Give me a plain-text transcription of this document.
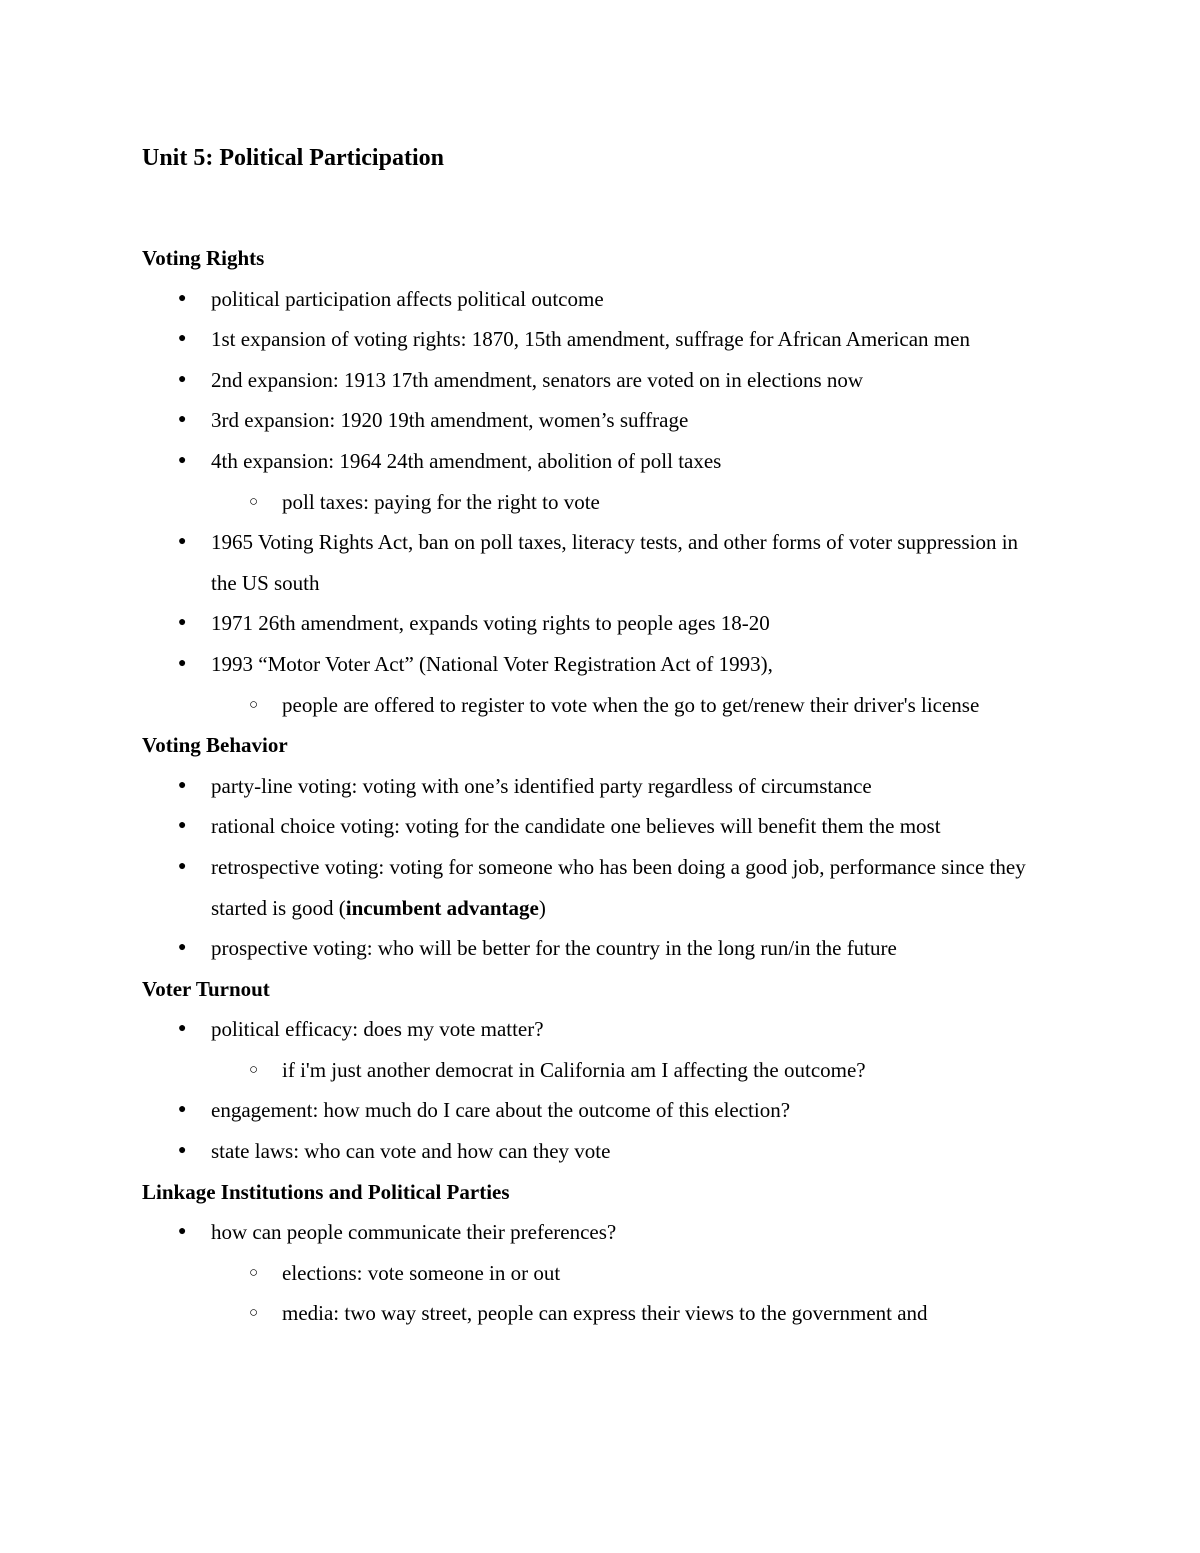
Unit 5: Political Participation
Voting Rights
● political participation affects political outcome
● 1st expansion of voting rights: 1870, 15th amendment, suffrage for African American men
● 2nd expansion: 1913 17th amendment, senators are voted on in elections now
● 3rd expansion: 1920 19th amendment, women’s suffrage
● 4th expansion: 1964 24th amendment, abolition of poll taxes
○ poll taxes: paying for the right to vote
● 1965 Voting Rights Act, ban on poll taxes, literacy tests, and other forms of voter suppression in the US south
● 1971 26th amendment, expands voting rights to people ages 18-20
● 1993 “Motor Voter Act” (National Voter Registration Act of 1993),
○ people are offered to register to vote when the go to get/renew their driver's license
Voting Behavior
● party-line voting: voting with one’s identified party regardless of circumstance
● rational choice voting: voting for the candidate one believes will benefit them the most
● retrospective voting: voting for someone who has been doing a good job, performance since they started is good (incumbent advantage)
● prospective voting: who will be better for the country in the long run/in the future
Voter Turnout
● political efficacy: does my vote matter?
○ if i'm just another democrat in California am I affecting the outcome?
● engagement: how much do I care about the outcome of this election?
● state laws: who can vote and how can they vote
Linkage Institutions and Political Parties
● how can people communicate their preferences?
○ elections: vote someone in or out
○ media: two way street, people can express their views to the government and
